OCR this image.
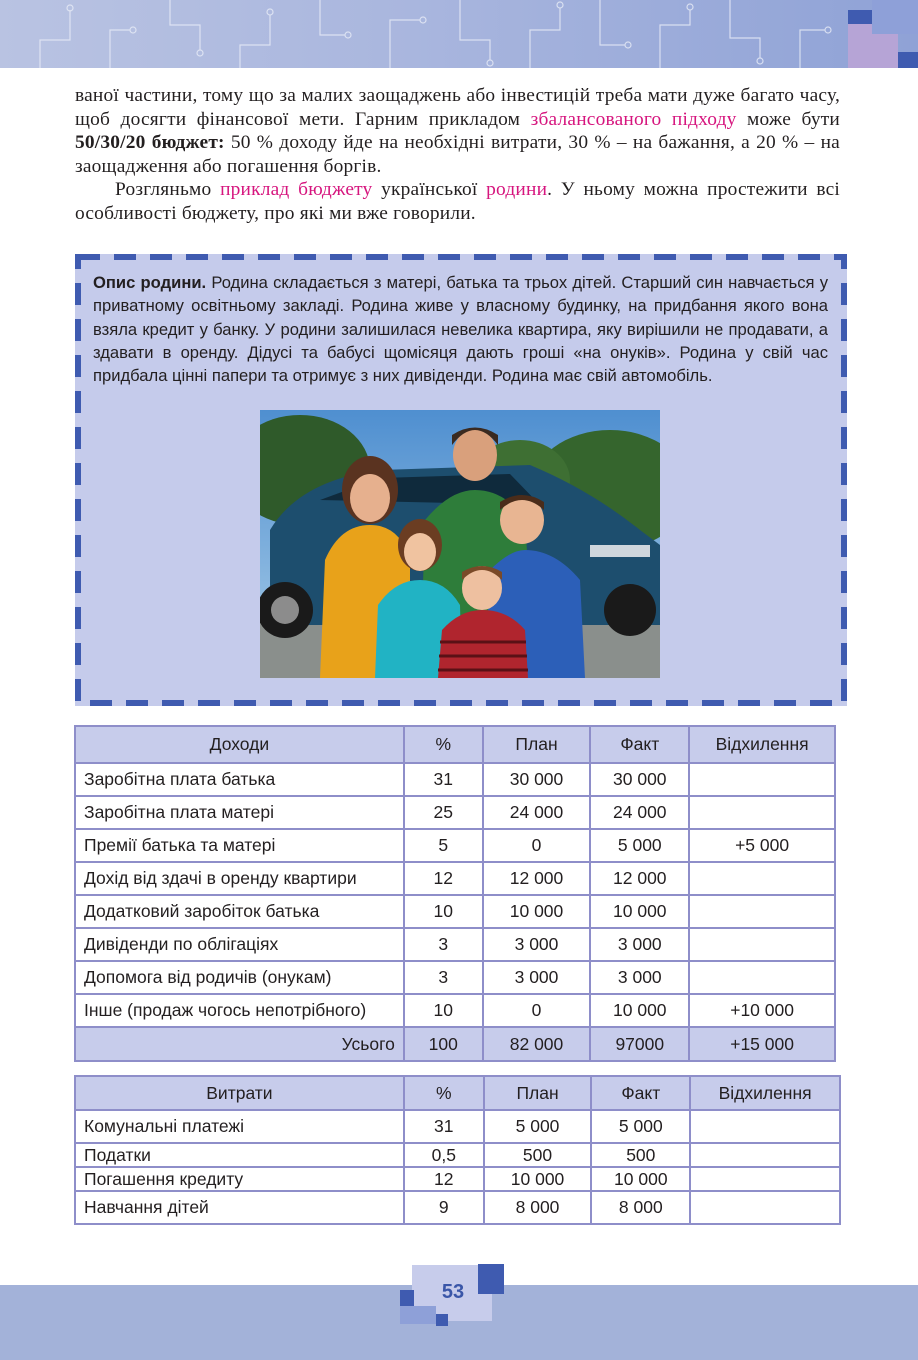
ваної частини, тому що за малих заощаджень або інвестицій треба мати дуже багато часу, щоб досягти фінансової мети. Гарним прикладом збалансованого підходу може бути 50/30/20 бюджет: 50 % доходу йде на необхідні витрати, 30 % – на бажання, а 20 % – на заощадження або погашення боргів.

Розгляньмо приклад бюджету української родини. У ньому можна простежити всі особливості бюджету, про які ми вже говорили.

Опис родини. Родина складається з матері, батька та трьох дітей. Старший син навчається у приватному освітньому закладі. Родина живе у власному будинку, на придбання якого вона взяла кредит у банку. У родини залишилася невелика квартира, яку вирішили не продавати, а здавати в оренду. Дідусі та бабусі щомісяця дають гроші «на онуків». Родина у свій час придбала цінні папери та отримує з них дивіденди. Родина має свій автомобіль.
Доходи	%	План	Факт	Відхилення
Заробітна плата батька	31	30 000	30 000	
Заробітна плата матері	25	24 000	24 000	
Премії батька та матері	5	0	5 000	+5 000
Дохід від здачі в оренду квартири	12	12 000	12 000	
Додатковий заробіток батька	10	10 000	10 000	
Дивіденди по облігаціях	3	3 000	3 000	
Допомога від родичів (онукам)	3	3 000	3 000	
Інше (продаж чогось непотрібного)	10	0	10 000	+10 000
Усього	100	82 000	97000	+15 000
Витрати	%	План	Факт	Відхилення
Комунальні платежі	31	5 000	5 000	
Податки	0,5	500	500	
Погашення кредиту	12	10 000	10 000	
Навчання дітей	9	8 000	8 000	
53
